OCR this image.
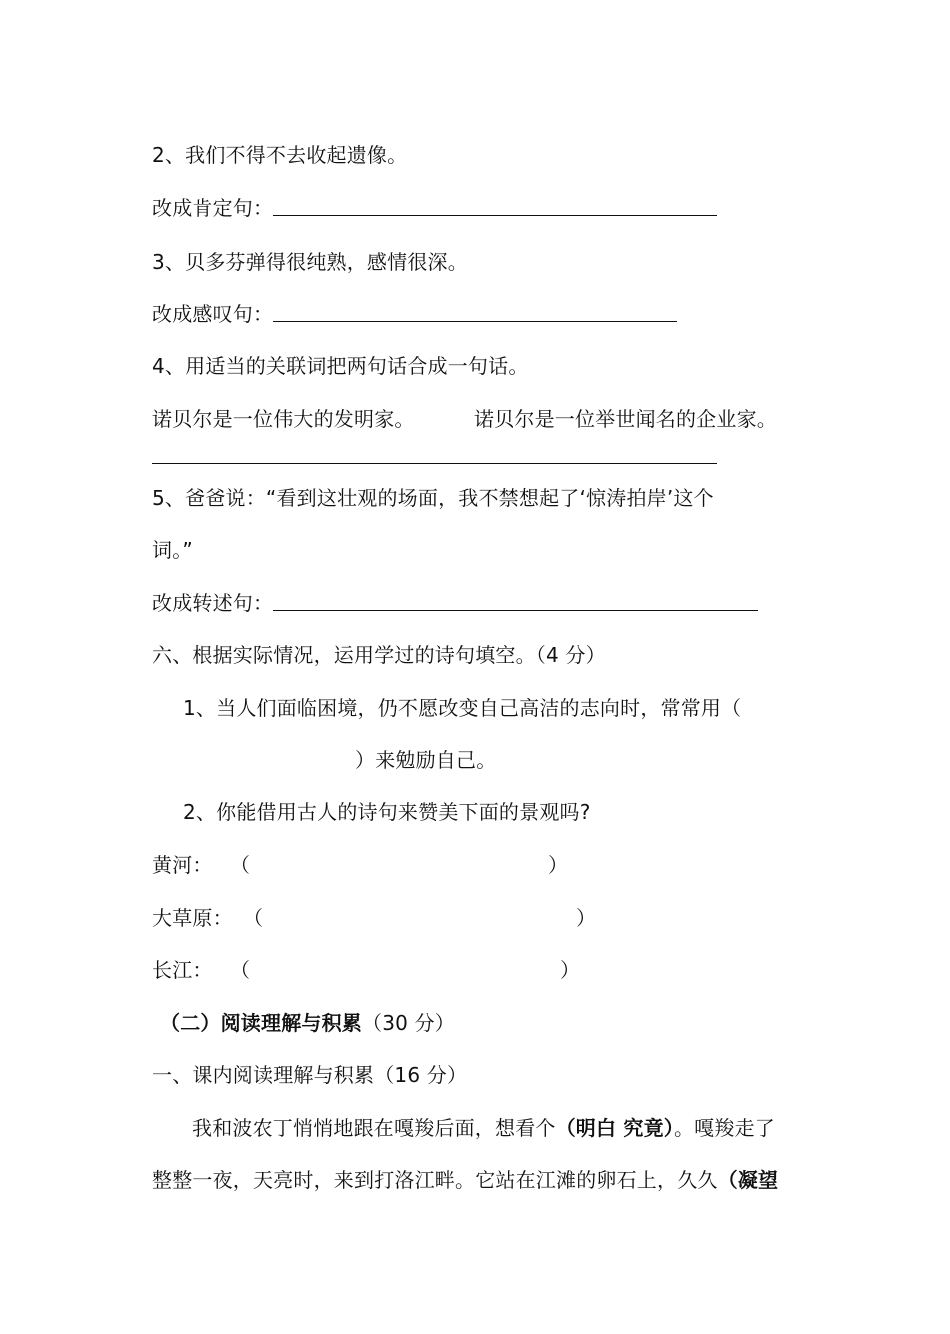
2、我们不得不去收起遗像。
改成肯定句：
3、贝多芬弹得很纯熟，感情很深。
改成感叹句：
4、用适当的关联词把两句话合成一句话。
诺贝尔是一位伟大的发明家。	诺贝尔是一位举世闻名的企业家。
5、爸爸说：“看到这壮观的场面，我不禁想起了‘惊涛拍岸’这个
词。”
改成转述句：
六、根据实际情况，运用学过的诗句填空。（4 分）
1、当人们面临困境，仍不愿改变自己高洁的志向时，常常用（
）来勉励自己。
2、你能借用古人的诗句来赞美下面的景观吗?
黄河： （	）
大草原： （	）
长江： （	）
（二）阅读理解与积累（30 分）
一、课内阅读理解与积累（16 分）
我和波农丁悄悄地跟在嘎羧后面，想看个（明白 究竟）。嘎羧走了
整整一夜，天亮时，来到打洛江畔。它站在江滩的卵石上，久久（凝望
